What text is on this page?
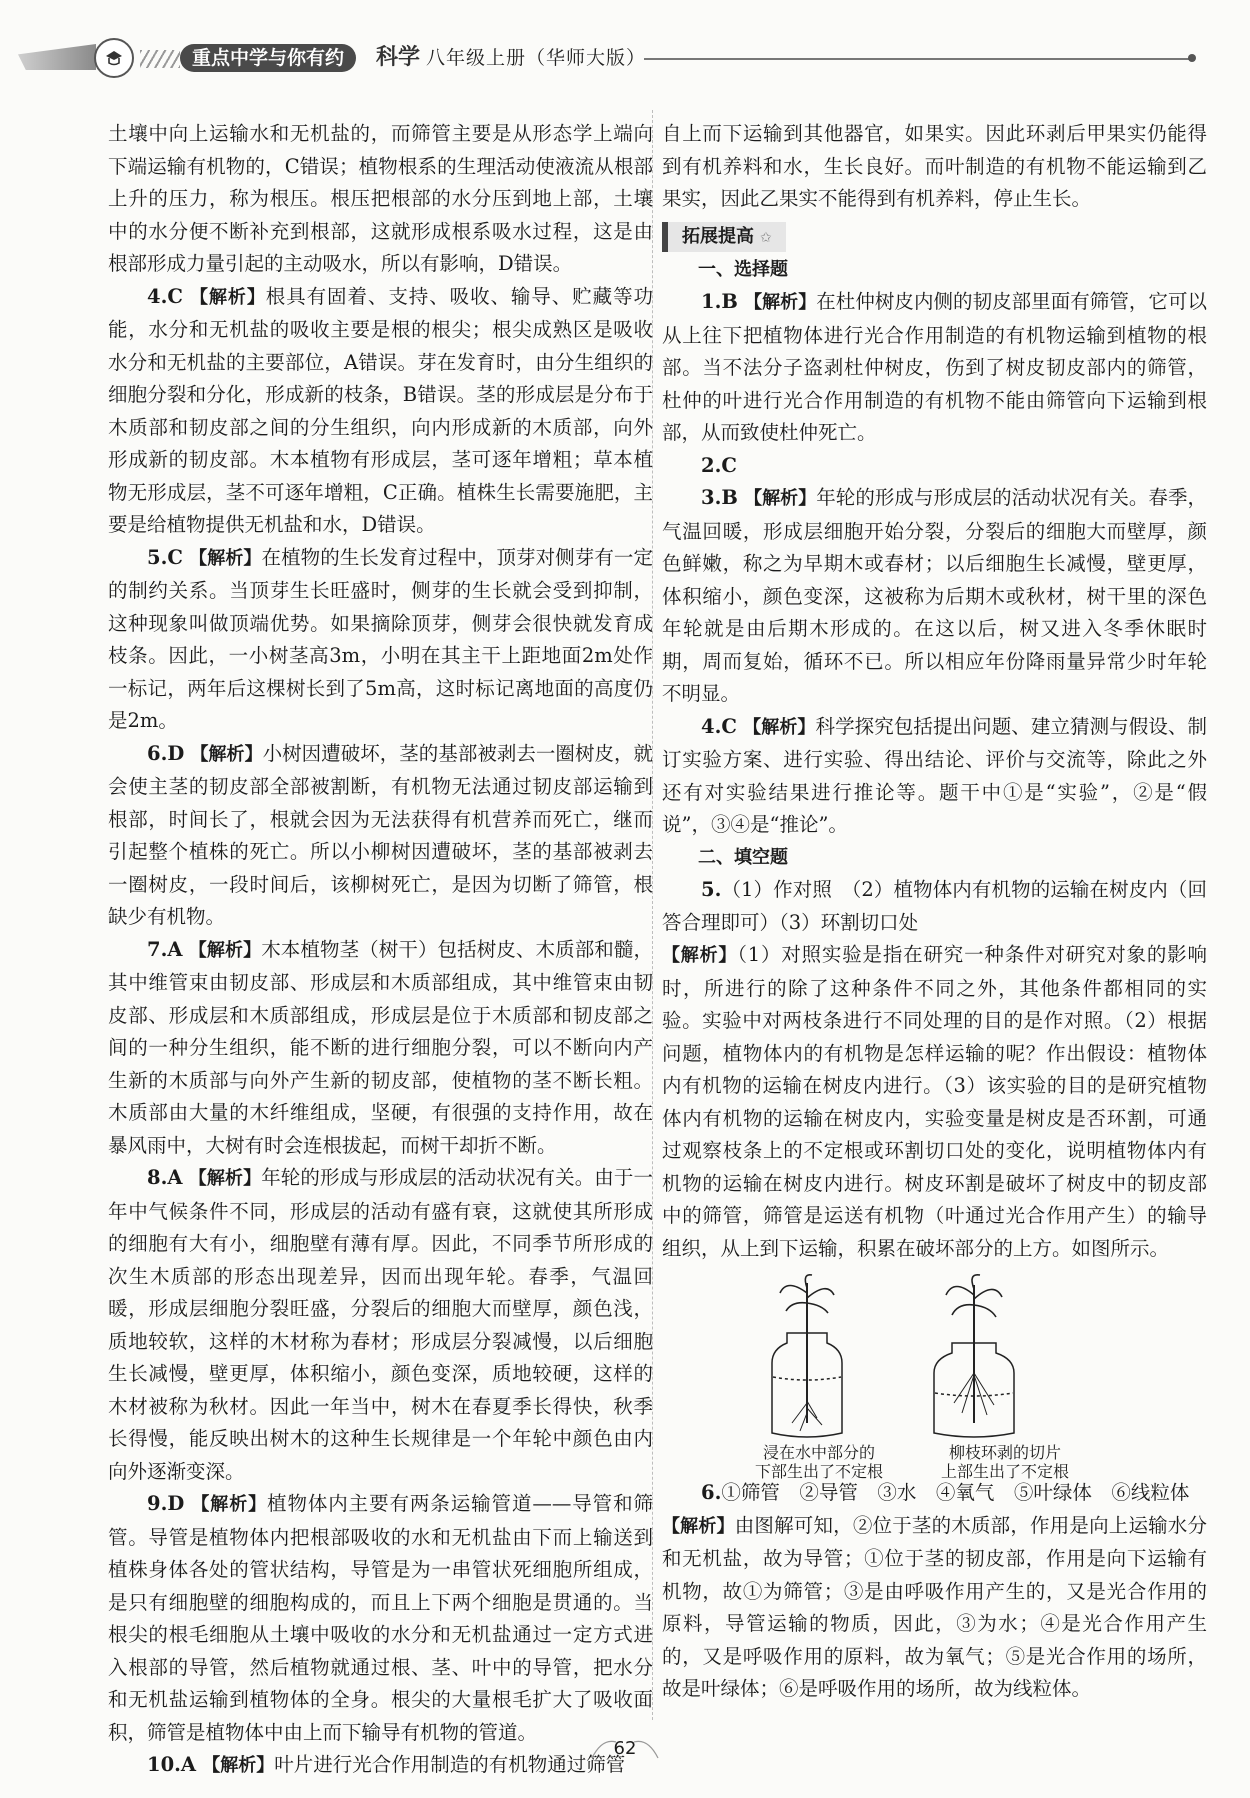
重点中学与你有约	科学 八年级上册（华师大版）

土壤中向上运输水和无机盐的，而筛管主要是从形态学上端向下端运输有机物的，C错误；植物根系的生理活动使液流从根部上升的压力，称为根压。根压把根部的水分压到地上部，土壤中的水分便不断补充到根部，这就形成根系吸水过程，这是由根部形成力量引起的主动吸水，所以有影响，D错误。

4.C 【解析】根具有固着、支持、吸收、输导、贮藏等功能，水分和无机盐的吸收主要是根的根尖；根尖成熟区是吸收水分和无机盐的主要部位，A错误。芽在发育时，由分生组织的细胞分裂和分化，形成新的枝条，B错误。茎的形成层是分布于木质部和韧皮部之间的分生组织，向内形成新的木质部，向外形成新的韧皮部。木本植物有形成层，茎可逐年增粗；草本植物无形成层，茎不可逐年增粗，C正确。植株生长需要施肥，主要是给植物提供无机盐和水，D错误。

5.C 【解析】在植物的生长发育过程中，顶芽对侧芽有一定的制约关系。当顶芽生长旺盛时，侧芽的生长就会受到抑制，这种现象叫做顶端优势。如果摘除顶芽，侧芽会很快就发育成枝条。因此，一小树茎高3m，小明在其主干上距地面2m处作一标记，两年后这棵树长到了5m高，这时标记离地面的高度仍是2m。

6.D 【解析】小树因遭破坏，茎的基部被剥去一圈树皮，就会使主茎的韧皮部全部被割断，有机物无法通过韧皮部运输到根部，时间长了，根就会因为无法获得有机营养而死亡，继而引起整个植株的死亡。所以小柳树因遭破坏，茎的基部被剥去一圈树皮，一段时间后，该柳树死亡，是因为切断了筛管，根缺少有机物。

7.A 【解析】木本植物茎（树干）包括树皮、木质部和髓，其中维管束由韧皮部、形成层和木质部组成，其中维管束由韧皮部、形成层和木质部组成，形成层是位于木质部和韧皮部之间的一种分生组织，能不断的进行细胞分裂，可以不断向内产生新的木质部与向外产生新的韧皮部，使植物的茎不断长粗。木质部由大量的木纤维组成，坚硬，有很强的支持作用，故在暴风雨中，大树有时会连根拔起，而树干却折不断。

8.A 【解析】年轮的形成与形成层的活动状况有关。由于一年中气候条件不同，形成层的活动有盛有衰，这就使其所形成的细胞有大有小，细胞壁有薄有厚。因此，不同季节所形成的次生木质部的形态出现差异，因而出现年轮。春季，气温回暖，形成层细胞分裂旺盛，分裂后的细胞大而壁厚，颜色浅，质地较软，这样的木材称为春材；形成层分裂减慢，以后细胞生长减慢，壁更厚，体积缩小，颜色变深，质地较硬，这样的木材被称为秋材。因此一年当中，树木在春夏季长得快，秋季长得慢，能反映出树木的这种生长规律是一个年轮中颜色由内向外逐渐变深。

9.D 【解析】植物体内主要有两条运输管道——导管和筛管。导管是植物体内把根部吸收的水和无机盐由下而上输送到植株身体各处的管状结构，导管是为一串管状死细胞所组成，是只有细胞壁的细胞构成的，而且上下两个细胞是贯通的。当根尖的根毛细胞从土壤中吸收的水分和无机盐通过一定方式进入根部的导管，然后植物就通过根、茎、叶中的导管，把水分和无机盐运输到植物体的全身。根尖的大量根毛扩大了吸收面积，筛管是植物体中由上而下输导有机物的管道。

10.A 【解析】叶片进行光合作用制造的有机物通过筛管

自上而下运输到其他器官，如果实。因此环剥后甲果实仍能得到有机养料和水，生长良好。而叶制造的有机物不能运输到乙果实，因此乙果实不能得到有机养料，停止生长。

拓展提高 ✩

一、选择题

1.B 【解析】在杜仲树皮内侧的韧皮部里面有筛管，它可以从上往下把植物体进行光合作用制造的有机物运输到植物的根部。当不法分子盗剥杜仲树皮，伤到了树皮韧皮部内的筛管，杜仲的叶进行光合作用制造的有机物不能由筛管向下运输到根部，从而致使杜仲死亡。

2.C

3.B 【解析】年轮的形成与形成层的活动状况有关。春季，气温回暖，形成层细胞开始分裂，分裂后的细胞大而壁厚，颜色鲜嫩，称之为早期木或春材；以后细胞生长减慢，壁更厚，体积缩小，颜色变深，这被称为后期木或秋材，树干里的深色年轮就是由后期木形成的。在这以后，树又进入冬季休眠时期，周而复始，循环不已。所以相应年份降雨量异常少时年轮不明显。

4.C 【解析】科学探究包括提出问题、建立猜测与假设、制订实验方案、进行实验、得出结论、评价与交流等，除此之外还有对实验结果进行推论等。题干中①是“实验”，②是“假说”，③④是“推论”。

二、填空题

5.（1）作对照　（2）植物体内有机物的运输在树皮内（回答合理即可）（3）环割切口处

【解析】（1）对照实验是指在研究一种条件对研究对象的影响时，所进行的除了这种条件不同之外，其他条件都相同的实验。实验中对两枝条进行不同处理的目的是作对照。（2）根据问题，植物体内的有机物是怎样运输的呢？作出假设：植物体内有机物的运输在树皮内进行。（3）该实验的目的是研究植物体内有机物的运输在树皮内，实验变量是树皮是否环割，可通过观察枝条上的不定根或环割切口处的变化，说明植物体内有机物的运输在树皮内进行。树皮环割是破坏了树皮中的韧皮部中的筛管，筛管是运送有机物（叶通过光合作用产生）的输导组织，从上到下运输，积累在破坏部分的上方。如图所示。

浸在水中部分的
下部生出了不定根
柳枝环剥的切片
上部生出了不定根

6.①筛管　②导管　③水　④氧气　⑤叶绿体　⑥线粒体

【解析】由图解可知，②位于茎的木质部，作用是向上运输水分和无机盐，故为导管；①位于茎的韧皮部，作用是向下运输有机物，故①为筛管；③是由呼吸作用产生的，又是光合作用的原料，导管运输的物质，因此，③为水；④是光合作用产生的，又是呼吸作用的原料，故为氧气；⑤是光合作用的场所，故是叶绿体；⑥是呼吸作用的场所，故为线粒体。

62
